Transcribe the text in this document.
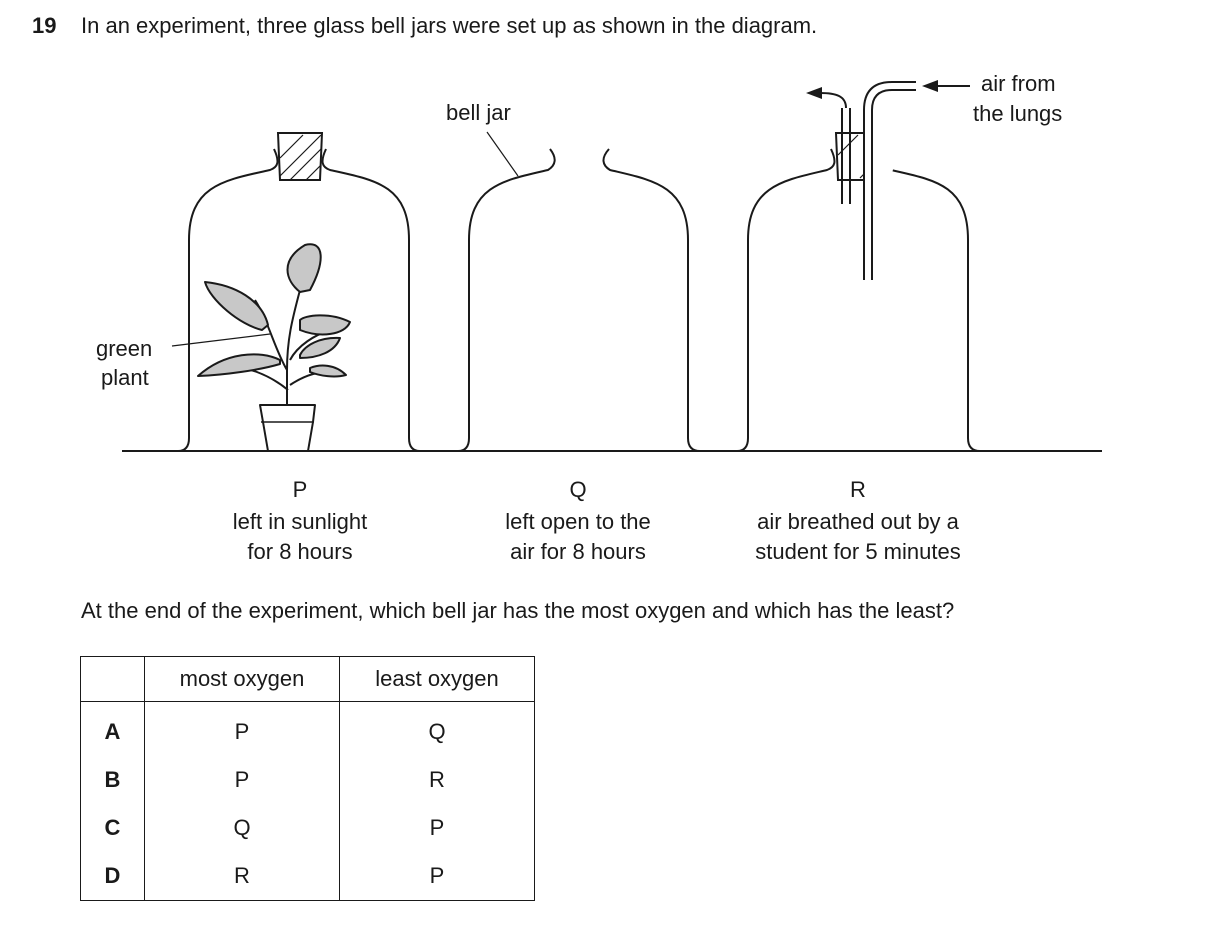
19 In an experiment, three glass bell jars were set up as shown in the diagram.
bell jar
green
plant
air from
the lungs
P
left in sunlight
for 8 hours
Q
left open to the
air for 8 hours
R
air breathed out by a
student for 5 minutes
At the end of the experiment, which bell jar has the most oxygen and which has the least?
	most oxygen	least oxygen
A	P	Q
B	P	R
C	Q	P
D	R	P
